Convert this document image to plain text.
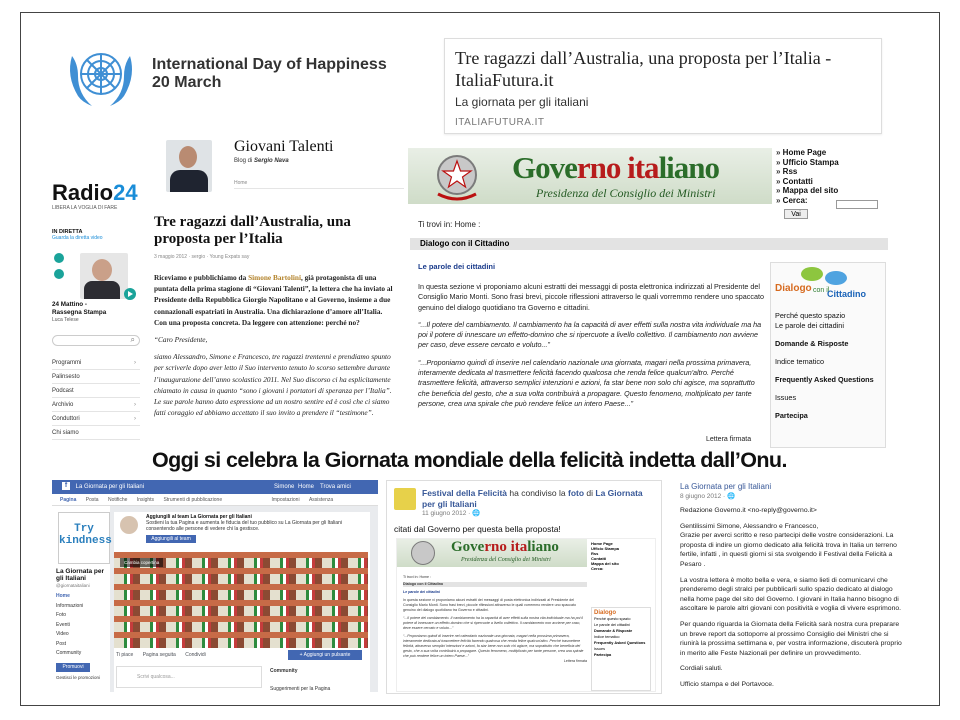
International Day of Happiness
20 March
Tre ragazzi dall’Australia, una proposta per l’Italia - ItaliaFutura.it
La giornata per gli italiani
ITALIAFUTURA.IT
Radio24
LIBERA LA VOGLIA DI FARE
IN DIRETTA
Guarda la diretta video
24 Mattino - Rassegna Stampa
Luca Telese
⌕
Programmi	›
Palinsesto
Podcast
Archivio	›
Conduttori	›
Chi siamo
Giovani Talenti
Blog di Sergio Nava
Home
Tre ragazzi dall’Australia, una proposta per l’Italia
3 maggio 2012 · sergio · Young Expats say

Riceviamo e pubblichiamo da Simone Bartolini, già protagonista di una puntata della prima stagione di “Giovani Talenti”, la lettera che ha inviato al Presidente della Repubblica Giorgio Napolitano e al Governo, insieme a due connazionali espatriati in Australia. Una dichiarazione d’amore all’Italia. Con una proposta concreta. Da leggere con attenzione: perché no?

“Caro Presidente,

siamo Alessandro, Simone e Francesco, tre ragazzi trentenni e prendiamo spunto per scriverle dopo aver letto il Suo intervento tenuto lo scorso settembre durante l’inaugurazione dell’anno scolastico 2011. Nel Suo discorso ci ha esplicitamente chiamato in causa in quanto “sono i giovani i portatori di speranza per l’Italia”. Le sue parole hanno dato espressione ad un nostro sentire ed è così che ci siamo fatti coraggio ed abbiamo accettato il suo invito a prendere il “testimone”.

Governo italiano
Presidenza del Consiglio dei Ministri
» Home Page
» Ufficio Stampa
» Rss
» Contatti
» Mappa del sito
» Cerca:
Vai
Ti trovi in: Home :
Dialogo con il Cittadino
Le parole dei cittadini

In questa sezione vi proponiamo alcuni estratti dei messaggi di posta elettronica indirizzati al Presidente del Consiglio Mario Monti. Sono frasi brevi, piccole riflessioni attraverso le quali vorremmo rendere uno spaccato genuino del dialogo quotidiano tra Governo e cittadini.

“...Il potere del cambiamento. Il cambiamento ha la capacità di aver effetti sulla nostra vita individuale ma ha poi il potere di innescare un effetto-domino che si ripercuote a livello collettivo. Il cambiamento non avviene per caso, deve essere cercato e voluto...”

“...Proponiamo quindi di inserire nel calendario nazionale una giornata, magari nella prossima primavera, interamente dedicata al trasmettere felicità facendo qualcosa che renda felice qualcun'altro. Perché trasmettere felicità, attraverso semplici intenzioni e azioni, fa star bene non solo chi agisce, ma soprattutto che beneficia del gesto, che a sua volta contribuirà a propagare. Questo fenomeno, moltiplicato per tante persone, crea una spirale che può rendere felice un intero Paese...”

Lettera firmata
Dialogo con il
Cittadino
Perché questo spazio
Le parole dei cittadini
Domande & Risposte
Indice tematico
Frequently Asked Questions
Issues
Partecipa
Oggi si celebra la Giornata mondiale della felicità indetta dall’Onu.
f La Giornata per gli Italiani	Simone Home Trova amici
Pagina Posta Notifiche Insights Strumenti di pubblicazione	Impostazioni Assistenza
La Giornata per gli Italiani
@giornataitaliani
Home
Informazioni
Foto
Eventi
Video
Post
Community
Promuovi
Gestisci le promozioni
Try kindness
Aggiungili al team La Giornata per gli Italiani
Sostieni la tua Pagina e aumenta le fiducia del tuo pubblico su La Giornata per gli Italiani consentendo alle persone di vedere chi la gestisce.
Aggiungili al team
Cambia copertina
Ti piace Pagina seguita Condividi	+ Aggiungi un pulsante
Scrivi qualcosa...
Community
Suggerimenti per la Pagina
Festival della Felicità ha condiviso la foto di La Giornata per gli Italiani
11 giugno 2012 · 🌐
citati dal Governo per questa bella proposta!
Governo italiano
Presidenza del Consiglio dei Ministri
Home Page
Ufficio Stampa
Rss
Contatti
Mappa del sito
Cerca:
Ti trovi in: Home :
Dialogo con il Cittadino
Le parole dei cittadini
In questa sezione vi proponiamo alcuni estratti dei messaggi di posta elettronica indirizzati al Presidente del Consiglio Mario Monti. Sono frasi brevi, piccole riflessioni attraverso le quali vorremmo rendere uno spaccato genuino del dialogo quotidiano tra Governo e cittadini.
“...Il potere del cambiamento. Il cambiamento ha la capacità di aver effetti sulla nostra vita individuale ma ha poi il potere di innescare un effetto-domino che si ripercuote a livello collettivo. Il cambiamento non avviene per caso, deve essere cercato e voluto...”
“...Proponiamo quindi di inserire nel calendario nazionale una giornata, magari nella prossima primavera, interamente dedicata al trasmettere felicità facendo qualcosa che renda felice qualcun'altro. Perché trasmettere felicità, attraverso semplici intenzioni e azioni, fa star bene non solo chi agisce, ma soprattutto che beneficia del gesto, che a sua volta contribuirà a propagare. Questo fenomeno, moltiplicato per tante persone, crea una spirale che può rendere felice un intero Paese...”
Lettera firmata
Dialogo
Perché questo spazio
Le parole dei cittadini
Domande & Risposte
Indice tematico
Frequently Asked Questions
Issues
Partecipa
La Giornata per gli Italiani
8 giugno 2012 · 🌐

Redazione Governo.it <no-reply@governo.it>

Gentilissimi Simone, Alessandro e Francesco,
Grazie per averci scritto e reso partecipi delle vostre considerazioni. La proposta di indire un giorno dedicato alla felicità trova in Italia un terreno fertile, infatti , in questi giorni si sta svolgendo il Festival della Felicità a Pesaro .

La vostra lettera è molto bella e vera, e siamo lieti di comunicarvi che prenderemo degli stralci per pubblicarli sullo spazio dedicato al dialogo nella home page del sito del Governo. I giovani in Italia hanno bisogno di ascoltare le parole altri giovani con positività e voglia di vivere esprimono.

Per quando riguarda la Giornata della Felicità sarà nostra cura preparare un breve report da sottoporre al prossimo Consiglio dei Ministri che si riunirà la prossima settimana e, per vostra informazione, discuterà proprio in merito alle Feste Nazionali per definire un provvedimento.

Cordiali saluti.

Ufficio stampa e del Portavoce.
